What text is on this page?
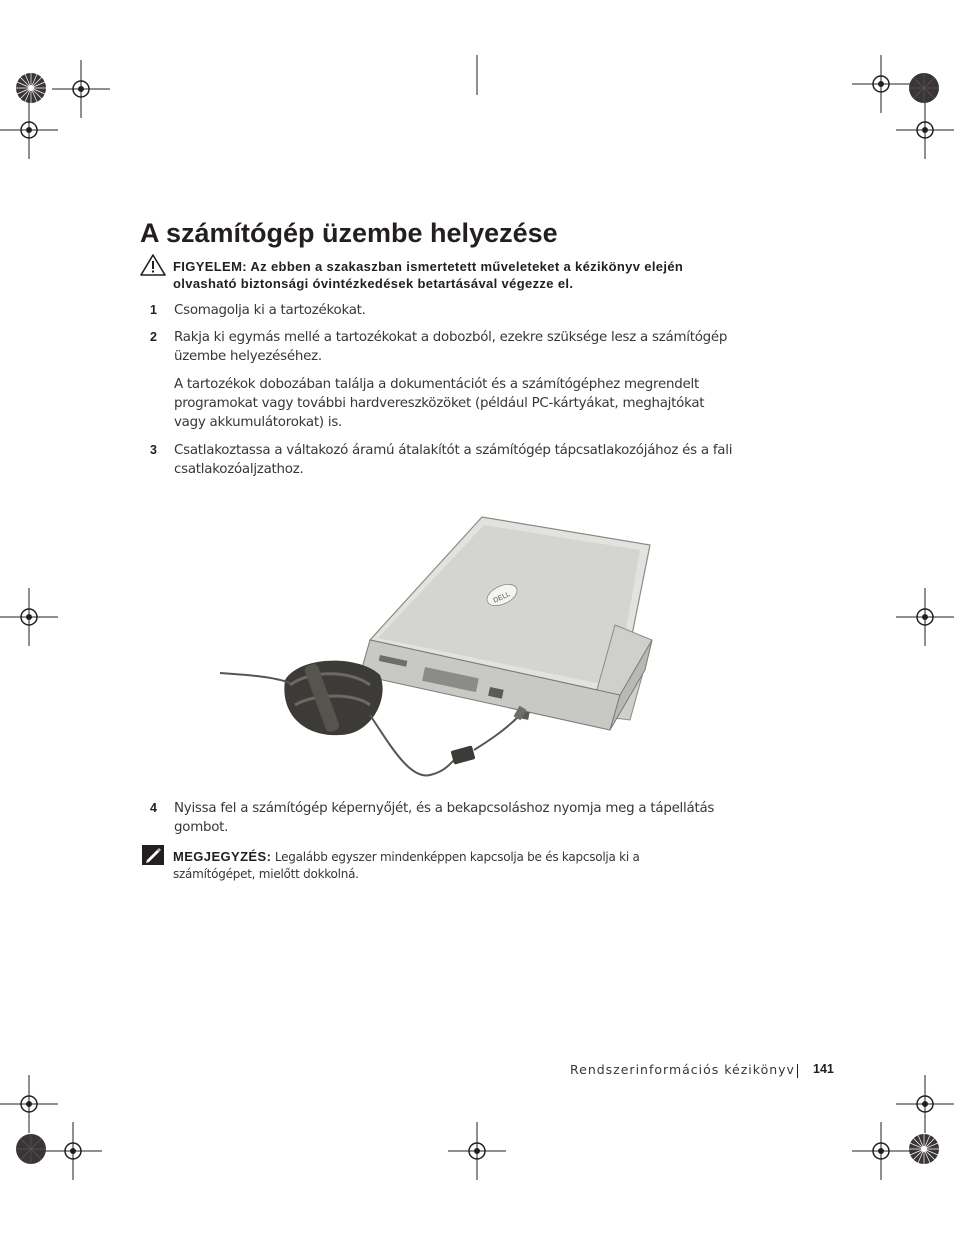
A számítógép üzembe helyezése
FIGYELEM: Az ebben a szakaszban ismertetett műveleteket a kézikönyv elején olvasható biztonsági óvintézkedések betartásával végezze el.
1 Csomagolja ki a tartozékokat.
2 Rakja ki egymás mellé a tartozékokat a dobozból, ezekre szüksége lesz a számítógép üzembe helyezéséhez.
A tartozékok dobozában találja a dokumentációt és a számítógéphez megrendelt programokat vagy további hardvereszközöket (például PC-kártyákat, meghajtókat vagy akkumulátorokat) is.
3 Csatlakoztassa a váltakozó áramú átalakítót a számítógép tápcsatlakozójához és a fali csatlakozóaljzathoz.
DELL
4 Nyissa fel a számítógép képernyőjét, és a bekapcsoláshoz nyomja meg a tápellátás gombot.
MEGJEGYZÉS: Legalább egyszer mindenképpen kapcsolja be és kapcsolja ki a számítógépet, mielőtt dokkolná.
Rendszerinformációs kézikönyv 141
